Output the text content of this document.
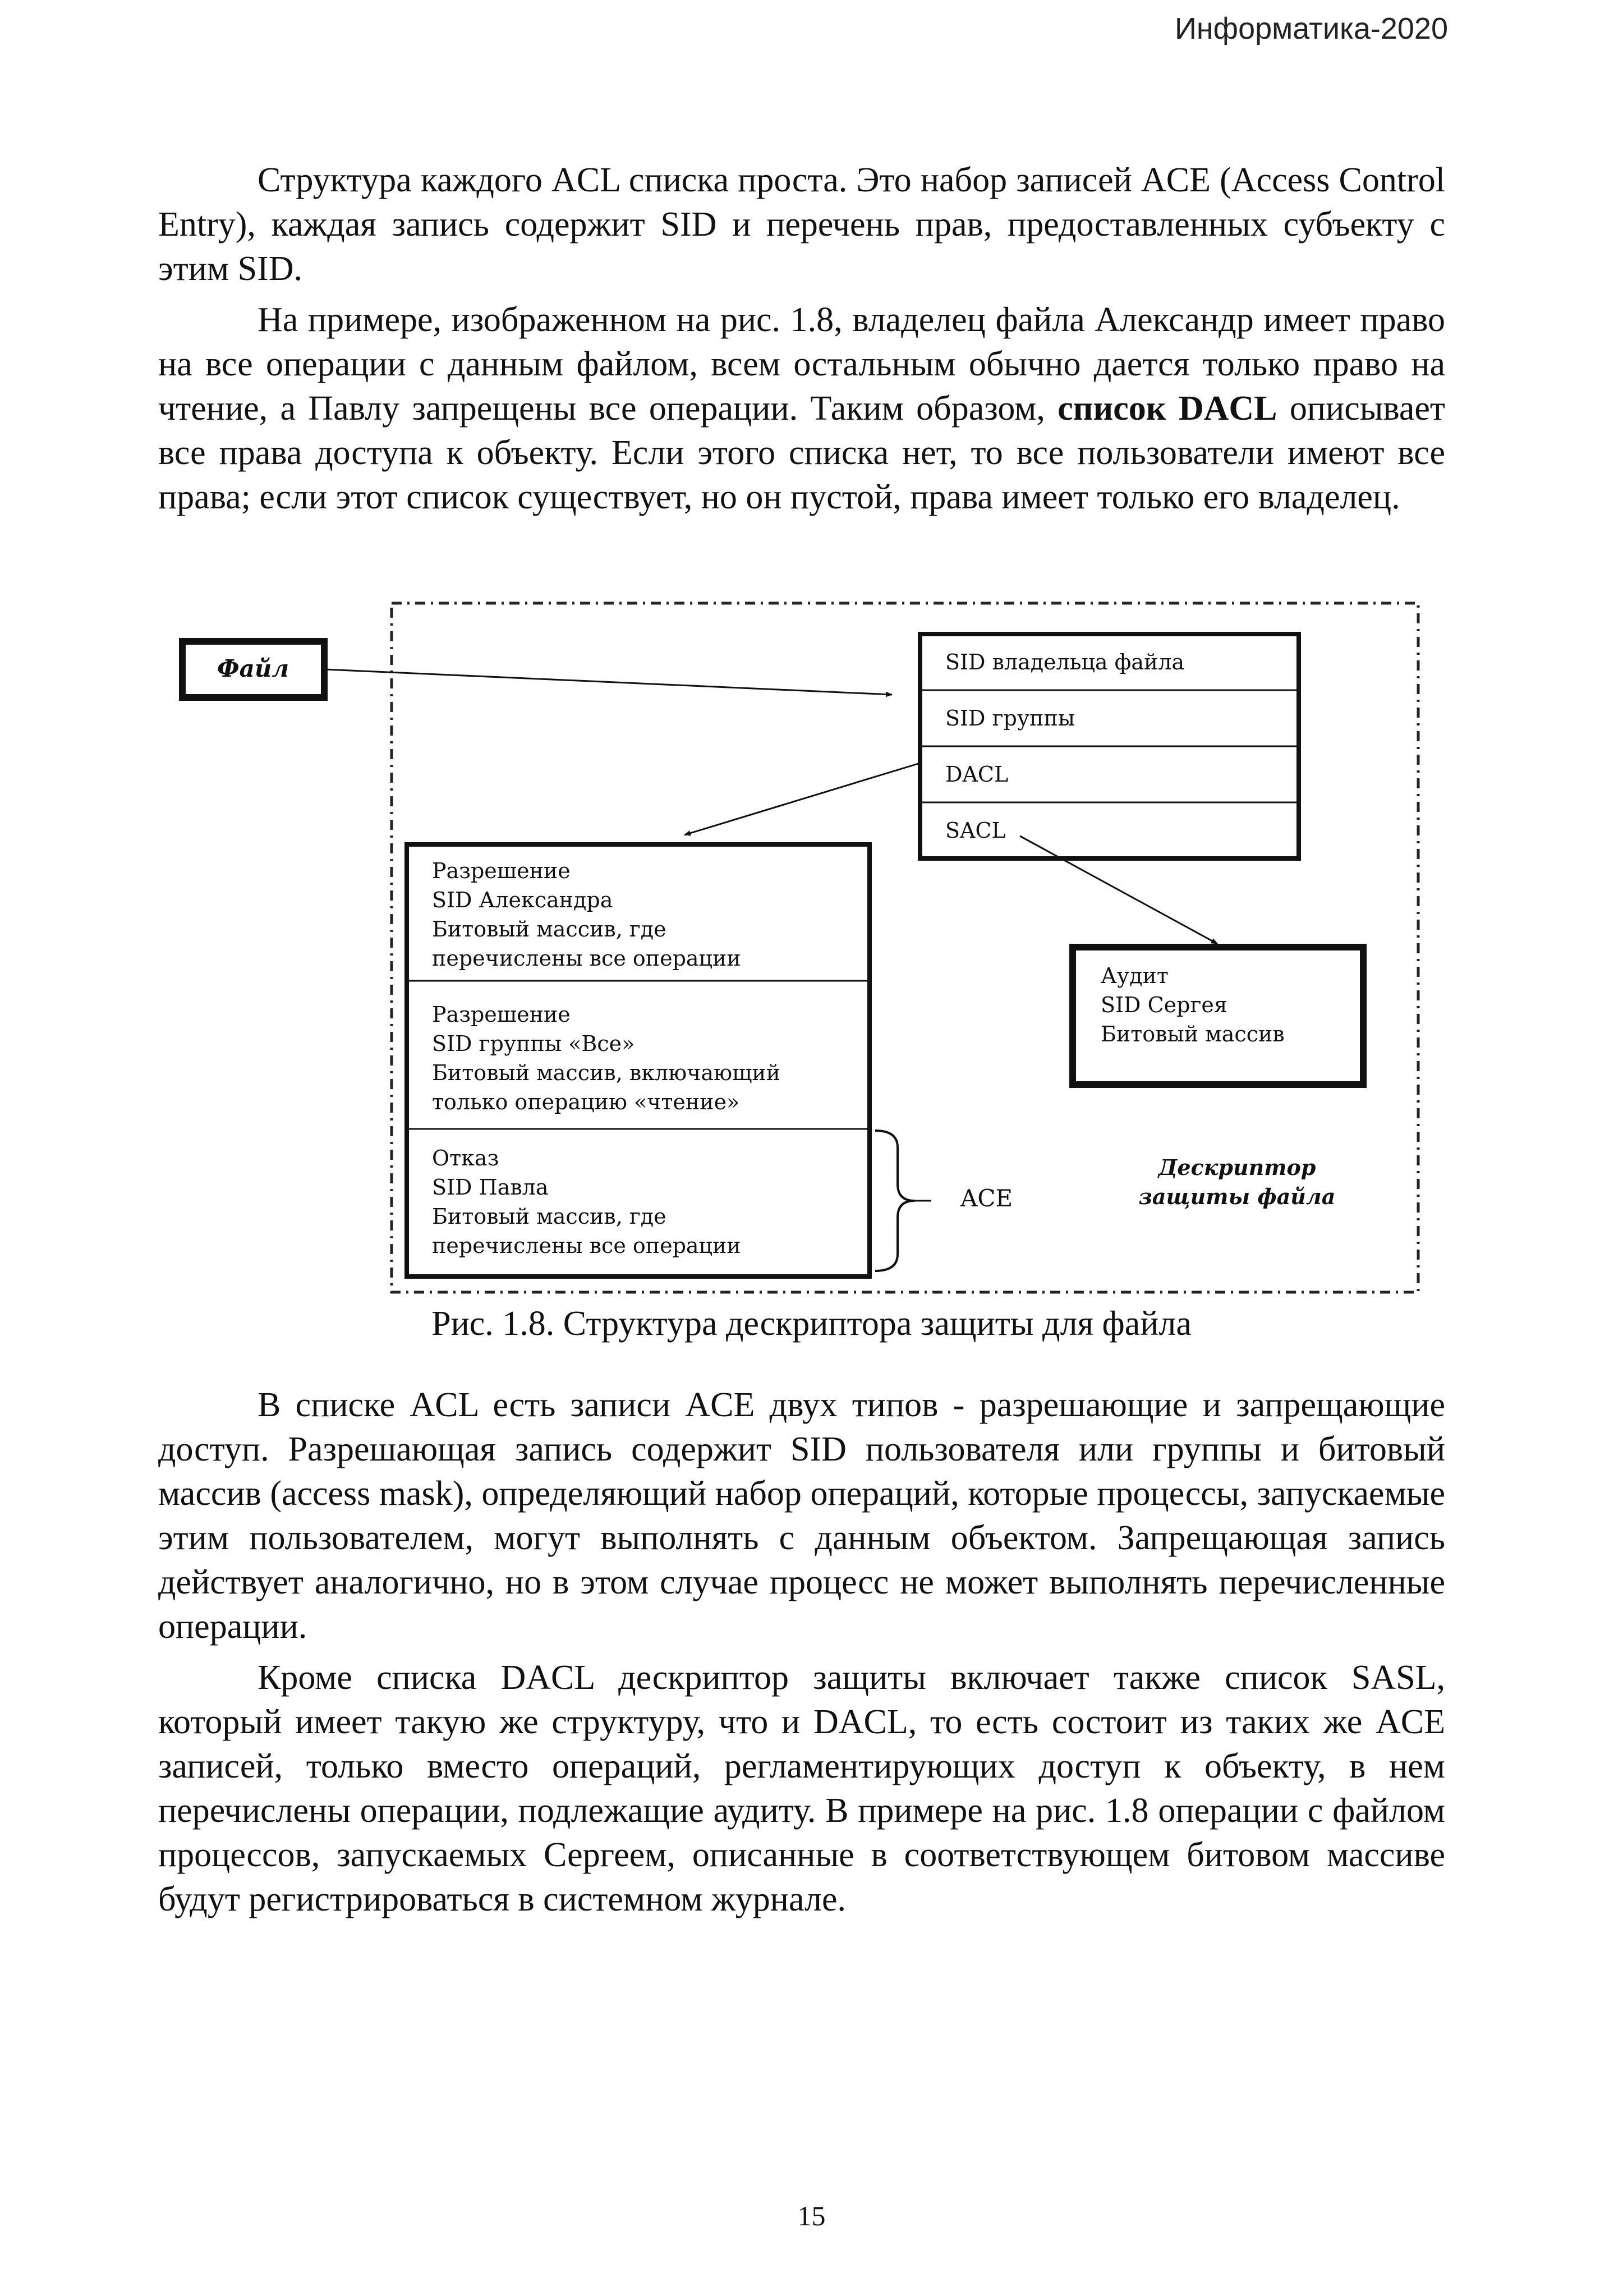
Информатика-2020

Структура каждого ACL списка проста. Это набор записей ACE (Access Control Entry), каждая запись содержит SID и перечень прав, предоставленных субъекту с этим SID.

На примере, изображенном на рис. 1.8, владелец файла Александр имеет право на все операции с данным файлом, всем остальным обычно дается только право на чтение, а Павлу запрещены все операции. Таким образом, список DACL описывает все права доступа к объекту. Если этого списка нет, то все пользователи имеют все права; если этот список существует, но он пустой, права имеет только его владелец.

Файл	SID владельца файла
SID группы
DACL
SACL
Разрешение
SID Александра
Битовый массив, где
перечислены все операции
Разрешение
SID группы «Все»
Битовый массив, включающий
только операцию «чтение»
Отказ
SID Павла
Битовый массив, где
перечислены все операции
ACE
Аудит
SID Сергея
Битовый массив
Дескриптор
защиты файла
Рис. 1.8. Структура дескриптора защиты для файла

В списке ACL есть записи ACE двух типов - разрешающие и запрещающие доступ. Разрешающая запись содержит SID пользователя или группы и битовый массив (access mask), определяющий набор операций, которые процессы, запускаемые этим пользователем, могут выполнять с данным объектом. Запрещающая запись действует аналогично, но в этом случае процесс не может выполнять перечисленные операции.

Кроме списка DACL дескриптор защиты включает также список SASL, который имеет такую же структуру, что и DACL, то есть состоит из таких же ACE записей, только вместо операций, регламентирующих доступ к объекту, в нем перечислены операции, подлежащие аудиту. В примере на рис. 1.8 операции с файлом процессов, запускаемых Сергеем, описанные в соответствующем битовом массиве будут регистрироваться в системном журнале.

15
